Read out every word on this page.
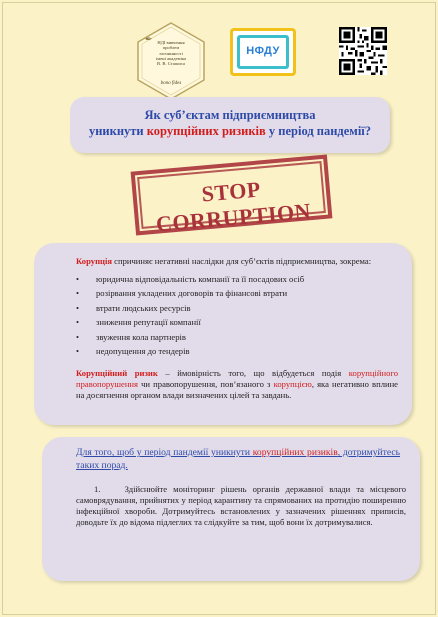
✒	НДІ вивчення
проблем
злочинності
імені академіка
В. В. Сташиса
bono fides
НФДУ
Як суб’єктам підприємництва
уникнути корупційних ризиків у період пандемії?
STOP CORRUPTION

Корупція спричиняє негативні наслідки для суб’єктів підприємництва, зокрема:

• юридична відповідальність компанії та її посадових осіб
• розірвання укладених договорів та фінансові втрати
• втрати людських ресурсів
• зниження репутації компанії
• звуження кола партнерів
• недопущення до тендерів

Корупційний ризик – ймовірність того, що відбудеться подія корупційного правопорушення чи правопорушення, пов’язаного з корупцією, яка негативно вплине на досягнення органом влади визначених цілей та завдань.

Для того, щоб у період пандемії уникнути корупційних ризиків, дотримуйтесь таких порад.

1.	Здійснюйте моніторинг рішень органів державної влади та місцевого самоврядування, прийнятих у період карантину та спрямованих на протидію поширенню інфекційної хвороби. Дотримуйтесь встановлених у зазначених рішеннях приписів, доводьте їх до відома підлеглих та слідкуйте за тим, щоб вони їх дотримувалися.
